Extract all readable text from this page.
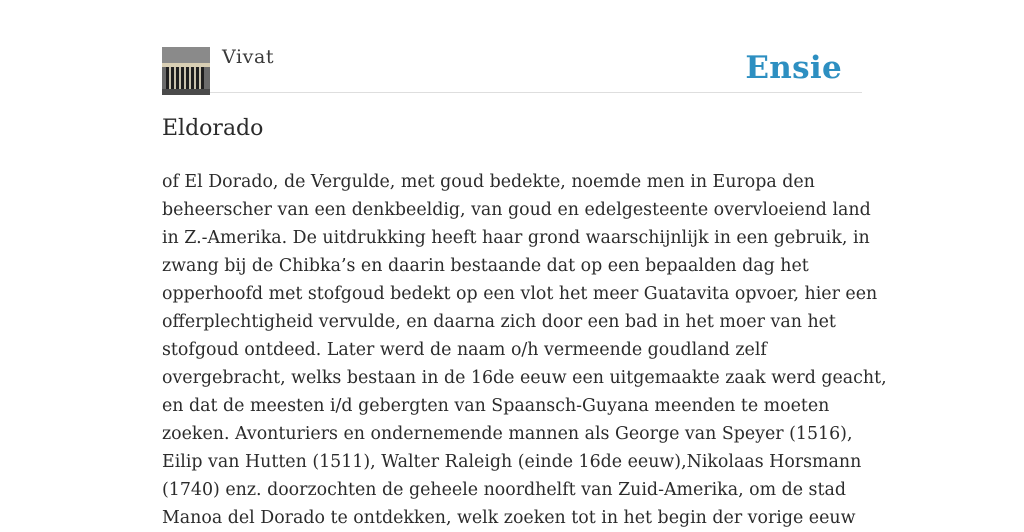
Vivat	Ensie
Eldorado

of El Dorado, de Vergulde, met goud bedekte, noemde men in Europa den
beheerscher van een denkbeeldig, van goud en edelgesteente overvloeiend land
in Z.-Amerika. De uitdrukking heeft haar grond waarschijnlijk in een gebruik, in
zwang bij de Chibka’s en daarin bestaande dat op een bepaalden dag het
opperhoofd met stofgoud bedekt op een vlot het meer Guatavita opvoer, hier een
offerplechtigheid vervulde, en daarna zich door een bad in het moer van het
stofgoud ontdeed. Later werd de naam o/h vermeende goudland zelf
overgebracht, welks bestaan in de 16de eeuw een uitgemaakte zaak werd geacht,
en dat de meesten i/d gebergten van Spaansch-Guyana meenden te moeten
zoeken. Avonturiers en ondernemende mannen als George van Speyer (1516),
Eilip van Hutten (1511), Walter Raleigh (einde 16de eeuw),Nikolaas Horsmann
(1740) enz. doorzochten de geheele noordhelft van Zuid-Amerika, om de stad
Manoa del Dorado te ontdekken, welk zoeken tot in het begin der vorige eeuw
